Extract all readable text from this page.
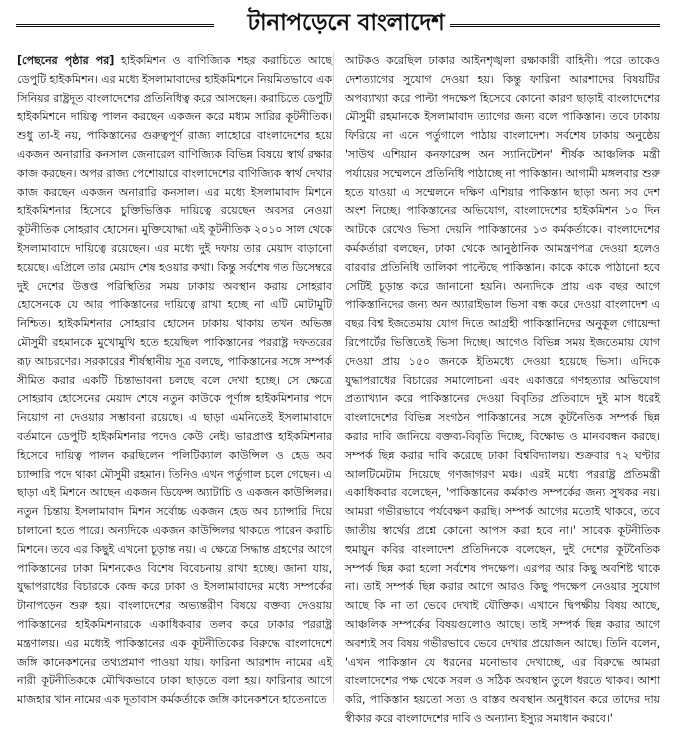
টানাপড়েনে বাংলাদেশ

[পেছনের পৃষ্ঠার পর] হাইকমিশন ও বাণিজ্যিক শহর করাচিতে আছে ডেপুটি হাইকমিশন। এর মধ্যে ইসলামাবাদের হাইকমিশনে নিয়মিতভাবে এক সিনিয়র রাষ্ট্রদূত বাংলাদেশের প্রতিনিধিত্ব করে আসছেন। করাচিতে ডেপুটি হাইকমিশনে দায়িত্ব পালন করছেন একজন করে মধ্যম সারির কূটনীতিক। শুধু তা-ই নয়, পাকিস্তানের গুরুত্বপূর্ণ রাজ্য লাহোরে বাংলাদেশের হয়ে একজন অনারারি কনসাল জেনারেল বাণিজ্যিক বিভিন্ন বিষয়ে স্বার্থ রক্ষার কাজ করছেন। অপর রাজ্য পেশোয়ারে বাংলাদেশের বাণিজ্যিক স্বার্থ দেখার কাজ করছেন একজন অনারারি কনসাল। এর মধ্যে ইসলামাবাদ মিশনে হাইকমিশনার হিসেবে চুক্তিভিত্তিক দায়িত্বে রয়েছেন অবসর নেওয়া কূটনীতিক সোহরাব হোসেন। মুক্তিযোদ্ধা এই কূটনীতিক ২০১০ সাল থেকে ইসলামাবাদে দায়িত্বে রয়েছেন। এর মধ্যে দুই দফায় তার মেয়াদ বাড়ানো হয়েছে। এপ্রিলে তার মেয়াদ শেষ হওয়ার কথা। কিন্তু সর্বশেষ গত ডিসেম্বরে দুই দেশের উত্তপ্ত পরিস্থিতির সময় ঢাকায় অবস্থান করায় সোহরাব হোসেনকে যে আর পাকিস্তানের দায়িত্বে রাখা হচ্ছে না এটি মোটামুটি নিশ্চিত। হাইকমিশনার সোহরাব হোসেন ঢাকায় থাকায় তখন অভিজ্ঞ মৌসুমী রহমানকে মুখোমুখি হতে হয়েছিল পাকিস্তানের পররাষ্ট্র দফতরের রূঢ় আচরণের। সরকারের শীর্ষস্থানীয় সূত্র বলছে, পাকিস্তানের সঙ্গে সম্পর্ক সীমিত করার একটি চিন্তাভাবনা চলছে বলে দেখা হচ্ছে। সে ক্ষেত্রে সোহরাব হোসেনের মেয়াদ শেষে নতুন কাউকে পূর্ণাঙ্গ হাইকমিশনার পদে নিয়োগ না দেওয়ার সম্ভাবনা রয়েছে। এ ছাড়া এমনিতেই ইসলামাবাদে বর্তমানে ডেপুটি হাইকমিশনার পদেও কেউ নেই। ভারপ্রাপ্ত হাইকমিশনার হিসেবে দায়িত্ব পালন করছিলেন পলিটিক্যাল কাউন্সিল ও হেড অব চ্যান্সারি পদে থাকা মৌসুমী রহমান। তিনিও এখন পর্তুগাল চলে গেছেন। এ ছাড়া এই মিশনে আছেন একজন ডিফেন্স অ্যাটাচি ও একজন কাউন্সিলর। নতুন চিন্তায় ইসলামাবাদ মিশন সর্বোচ্চ একজন হেড অব চ্যান্সারি দিয়ে চালানো হতে পারে। অন্যদিকে একজন কাউন্সিলর থাকতে পারেন করাচি মিশনে। তবে এর কিছুই এখনো চূড়ান্ত নয়। এ ক্ষেত্রে সিদ্ধান্ত গ্রহণের আগে পাকিস্তানের ঢাকা মিশনকেও বিশেষ বিবেচনায় রাখা হচ্ছে। জানা যায়, যুদ্ধাপরাধের বিচারকে কেন্দ্র করে ঢাকা ও ইসলামাবাদের মধ্যে সম্পর্কের টানাপড়েন শুরু হয়। বাংলাদেশের অভ্যন্তরীণ বিষয়ে বক্তব্য দেওয়ায় পাকিস্তানের হাইকমিশনারকে একাধিকবার তলব করে ঢাকার পররাষ্ট্র মন্ত্রণালয়। এর মধ্যেই পাকিস্তানের এক কূটনীতিকের বিরুদ্ধে বাংলাদেশে জঙ্গি কানেকশনের তথ্যপ্রমাণ পাওয়া যায়। ফারিনা আরশাদ নামের এই নারী কূটনীতিককে মৌখিকভাবে ঢাকা ছাড়তে বলা হয়। ফারিনার আগে মাজহার খান নামের এক দূতাবাস কর্মকর্তাকে জঙ্গি কানেকশনে হাতেনাতে

আটকও করেছিল ঢাকার আইনশৃঙ্খলা রক্ষাকারী বাহিনী। পরে তাকেও দেশত্যাগের সুযোগ দেওয়া হয়। কিন্তু ফারিনা আরশাদের বিষয়টির অপব্যাখ্যা করে পাল্টা পদক্ষেপ হিসেবে কোনো কারণ ছাড়াই বাংলাদেশের মৌসুমী রহমানকে ইসলামাবাদ ত্যাগের জন্য বলে পাকিস্তান। তবে ঢাকায় ফিরিয়ে না এনে পর্তুগালে পাঠায় বাংলাদেশ। সর্বশেষ ঢাকায় অনুষ্ঠেয় 'সাউথ এশিয়ান কনফারেন্স অন স্যানিটেশন' শীর্ষক আঞ্চলিক মন্ত্রী পর্যায়ের সম্মেলনে প্রতিনিধি পাঠাচ্ছে না পাকিস্তান। আগামী মঙ্গলবার শুরু হতে যাওয়া এ সম্মেলনে দক্ষিণ এশিয়ার পাকিস্তান ছাড়া অন্য সব দেশ অংশ নিচ্ছে। পাকিস্তানের অভিযোগ, বাংলাদেশের হাইকমিশন ১০ দিন আটকে রেখেও ভিসা দেয়নি পাকিস্তানের ১৩ কর্মকর্তাকে। বাংলাদেশের কর্মকর্তারা বলছেন, ঢাকা থেকে আনুষ্ঠানিক আমন্ত্রণপত্র দেওয়া হলেও বারবার প্রতিনিধি তালিকা পাল্টেছে পাকিস্তান। কাকে কাকে পাঠানো হবে সেটিই চূড়ান্ত করে জানানো হয়নি। অন্যদিকে প্রায় এক বছর আগে পাকিস্তানিদের জন্য অন অ্যারাইভাল ভিসা বন্ধ করে দেওয়া বাংলাদেশ এ বছর বিশ্ব ইজতেমায় যোগ দিতে আগ্রহী পাকিস্তানিদের অনুকূল গোয়েন্দা রিপোর্টের ভিত্তিতেই ভিসা দিচ্ছে। আগেও বিভিন্ন সময় ইজতেমায় যোগ দেওয়া প্রায় ১৫০ জনকে ইতিমধ্যে দেওয়া হয়েছে ভিসা। এদিকে যুদ্ধাপরাধের বিচারের সমালোচনা এবং একাত্তরে গণহত্যার অভিযোগ প্রত্যাখ্যান করে পাকিস্তানের দেওয়া বিবৃতির প্রতিবাদে দুই মাস ধরেই বাংলাদেশের বিভিন্ন সংগঠন পাকিস্তানের সঙ্গে কূটনৈতিক সম্পর্ক ছিন্ন করার দাবি জানিয়ে বক্তব্য-বিবৃতি দিচ্ছে, বিক্ষোভ ও মানববন্ধন করছে। সম্পর্ক ছিন্ন করার দাবি করেছে ঢাকা বিশ্ববিদ্যালয়। শুক্রবার ৭২ ঘণ্টার আলটিমেটাম দিয়েছে গণজাগরণ মঞ্চ। এরই মধ্যে পররাষ্ট্র প্রতিমন্ত্রী একাধিকবার বলেছেন, 'পাকিস্তানের কর্মকাণ্ড সম্পর্কের জন্য সুখকর নয়। আমরা গভীরভাবে পর্যবেক্ষণ করছি। সম্পর্ক আগের মতোই থাকবে, তবে জাতীয় স্বার্থের প্রশ্নে কোনো আপস করা হবে না।' সাবেক কূটনীতিক হুমায়ুন কবির বাংলাদেশ প্রতিদিনকে বলেছেন, দুই দেশের কূটনৈতিক সম্পর্ক ছিন্ন করা হলো সর্বশেষ পদক্ষেপ। এরপর আর কিছু অবশিষ্ট থাকে না। তাই সম্পর্ক ছিন্ন করার আগে আরও কিছু পদক্ষেপ নেওয়ার সুযোগ আছে কি না তা ভেবে দেখাই যৌক্তিক। এখানে দ্বিপক্ষীয় বিষয় আছে, আঞ্চলিক সম্পর্কের বিষয়গুলোও আছে। তাই সম্পর্ক ছিন্ন করার আগে অবশ্যই সব বিষয় গভীরভাবে ভেবে দেখার প্রয়োজন আছে। তিনি বলেন, 'এখন পাকিস্তান যে ধরনের মনোভাব দেখাচ্ছে, এর বিরুদ্ধে আমরা বাংলাদেশের পক্ষ থেকে সবল ও সঠিক অবস্থান তুলে ধরতে থাকব। আশা করি, পাকিস্তান হয়তো সত্য ও বাস্তব অবস্থান অনুধাবন করে তাদের দায় স্বীকার করে বাংলাদেশের দাবি ও অন্যান্য ইস্যুর সমাধান করবে।'
